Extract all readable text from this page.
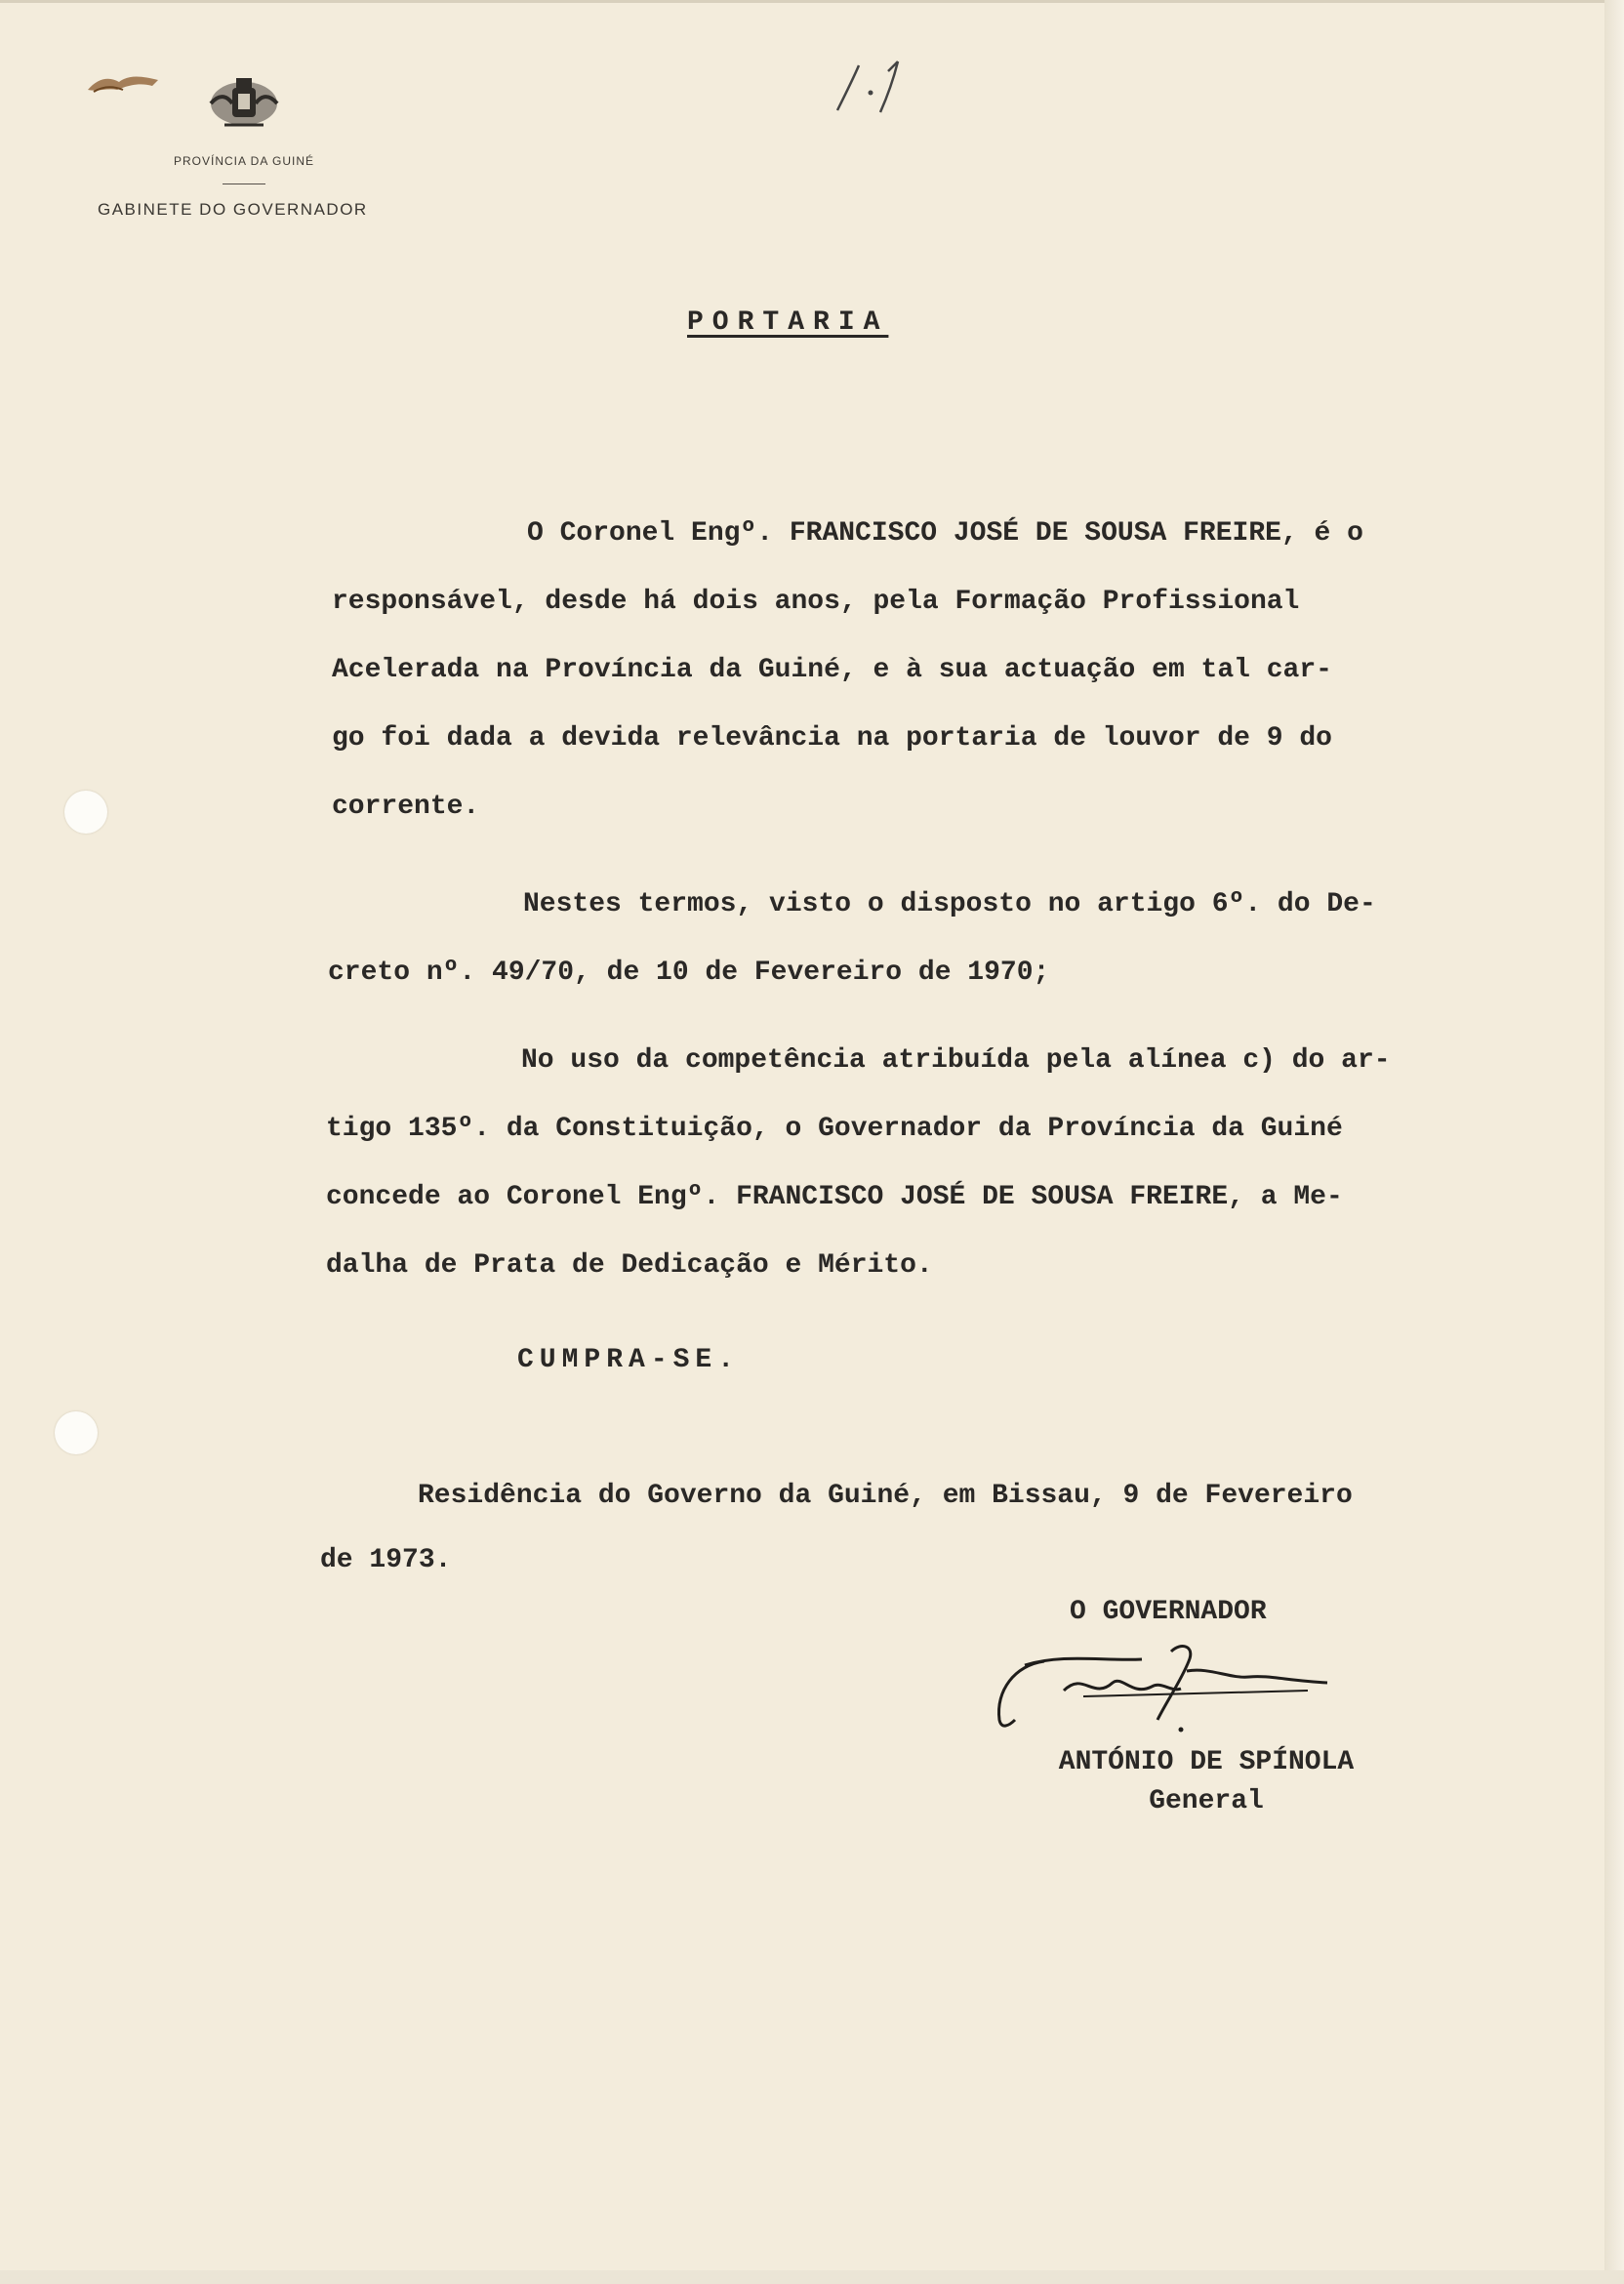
PROVÍNCIA DA GUINÉ
GABINETE DO GOVERNADOR
PORTARIA
O Coronel Engº. FRANCISCO JOSÉ DE SOUSA FREIRE, é o
responsável, desde há dois anos, pela Formação Profissional
Acelerada na Província da Guiné, e à sua actuação em tal car-
go foi dada a devida relevância na portaria de louvor de 9 do
corrente.
Nestes termos, visto o disposto no artigo 6º. do De-
creto nº. 49/70, de 10 de Fevereiro de 1970;
No uso da competência atribuída pela alínea c) do ar-
tigo 135º. da Constituição, o Governador da Província da Guiné
concede ao Coronel Engº. FRANCISCO JOSÉ DE SOUSA FREIRE, a Me-
dalha de Prata de Dedicação e Mérito.
CUMPRA-SE.
Residência do Governo da Guiné, em Bissau, 9 de Fevereiro
de 1973.
O GOVERNADOR
ANTÓNIO DE SPÍNOLA
General
